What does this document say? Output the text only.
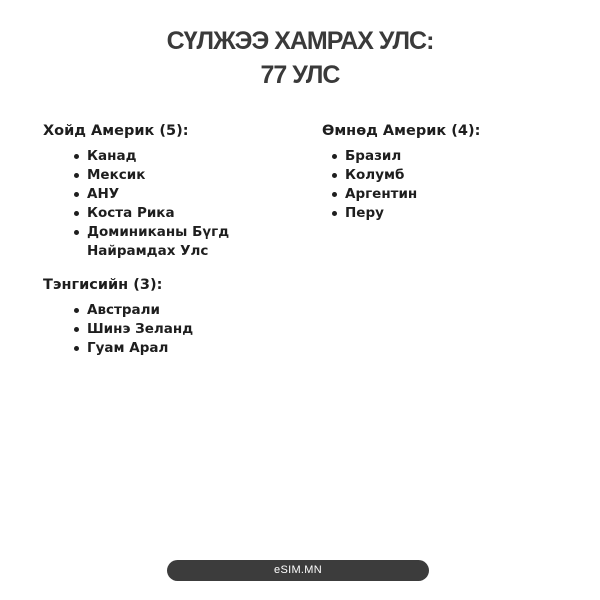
СҮЛЖЭЭ ХАМРАХ УЛС:
77 УЛС
Хойд Америк (5):
Канад
Мексик
АНУ
Коста Рика
Доминиканы Бүгд Найрамдах Улс
Өмнөд Америк (4):
Бразил
Колумб
Аргентин
Перу
Тэнгисийн (3):
Австрали
Шинэ Зеланд
Гуам Арал
eSIM.MN
